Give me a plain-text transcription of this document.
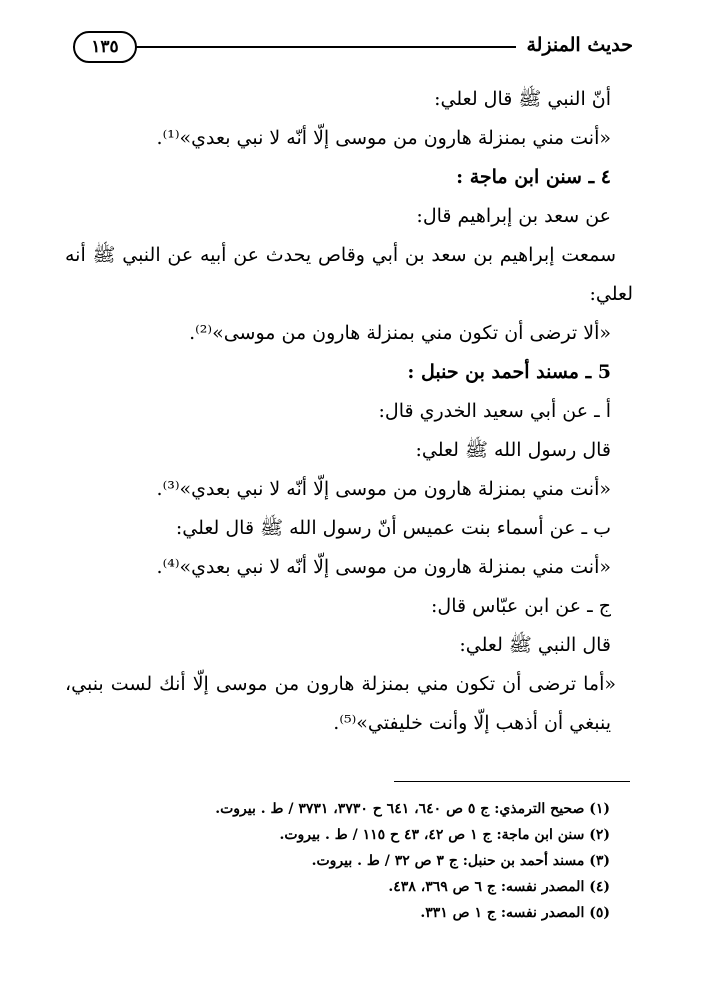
حديث المنزلة
١٣٥

أنّ النبي ﷺ قال لعلي:

«أنت مني بمنزلة هارون من موسى إلّا أنّه لا نبي بعدي»⁽¹⁾.

٤ ـ سنن ابن ماجة :

عن سعد بن إبراهيم قال:

سمعت إبراهيم بن سعد بن أبي وقاص يحدث عن أبيه عن النبي ﷺ أنه

لعلي:

«ألا ترضى أن تكون مني بمنزلة هارون من موسى»⁽²⁾.

5 ـ مسند أحمد بن حنبل :

أ ـ عن أبي سعيد الخدري قال:

قال رسول الله ﷺ لعلي:

«أنت مني بمنزلة هارون من موسى إلّا أنّه لا نبي بعدي»⁽³⁾.

ب ـ عن أسماء بنت عميس أنّ رسول الله ﷺ قال لعلي:

«أنت مني بمنزلة هارون من موسى إلّا أنّه لا نبي بعدي»⁽⁴⁾.

ج ـ عن ابن عبّاس قال:

قال النبي ﷺ لعلي:

«أما ترضى أن تكون مني بمنزلة هارون من موسى إلّا أنك لست بنبي،

ينبغي أن أذهب إلّا وأنت خليفتي»⁽⁵⁾.

(١) صحيح الترمذي: ج ٥ ص ٦٤٠، ٦٤١ ح ٣٧٣٠، ٣٧٣١ / ط . بيروت.

(٢) سنن ابن ماجة: ج ١ ص ٤٢، ٤٣ ح ١١٥ / ط . بيروت.

(٣) مسند أحمد بن حنبل: ج ٣ ص ٣٢ / ط . بيروت.

(٤) المصدر نفسه: ج ٦ ص ٣٦٩، ٤٣٨.

(٥) المصدر نفسه: ج ١ ص ٣٣١.
